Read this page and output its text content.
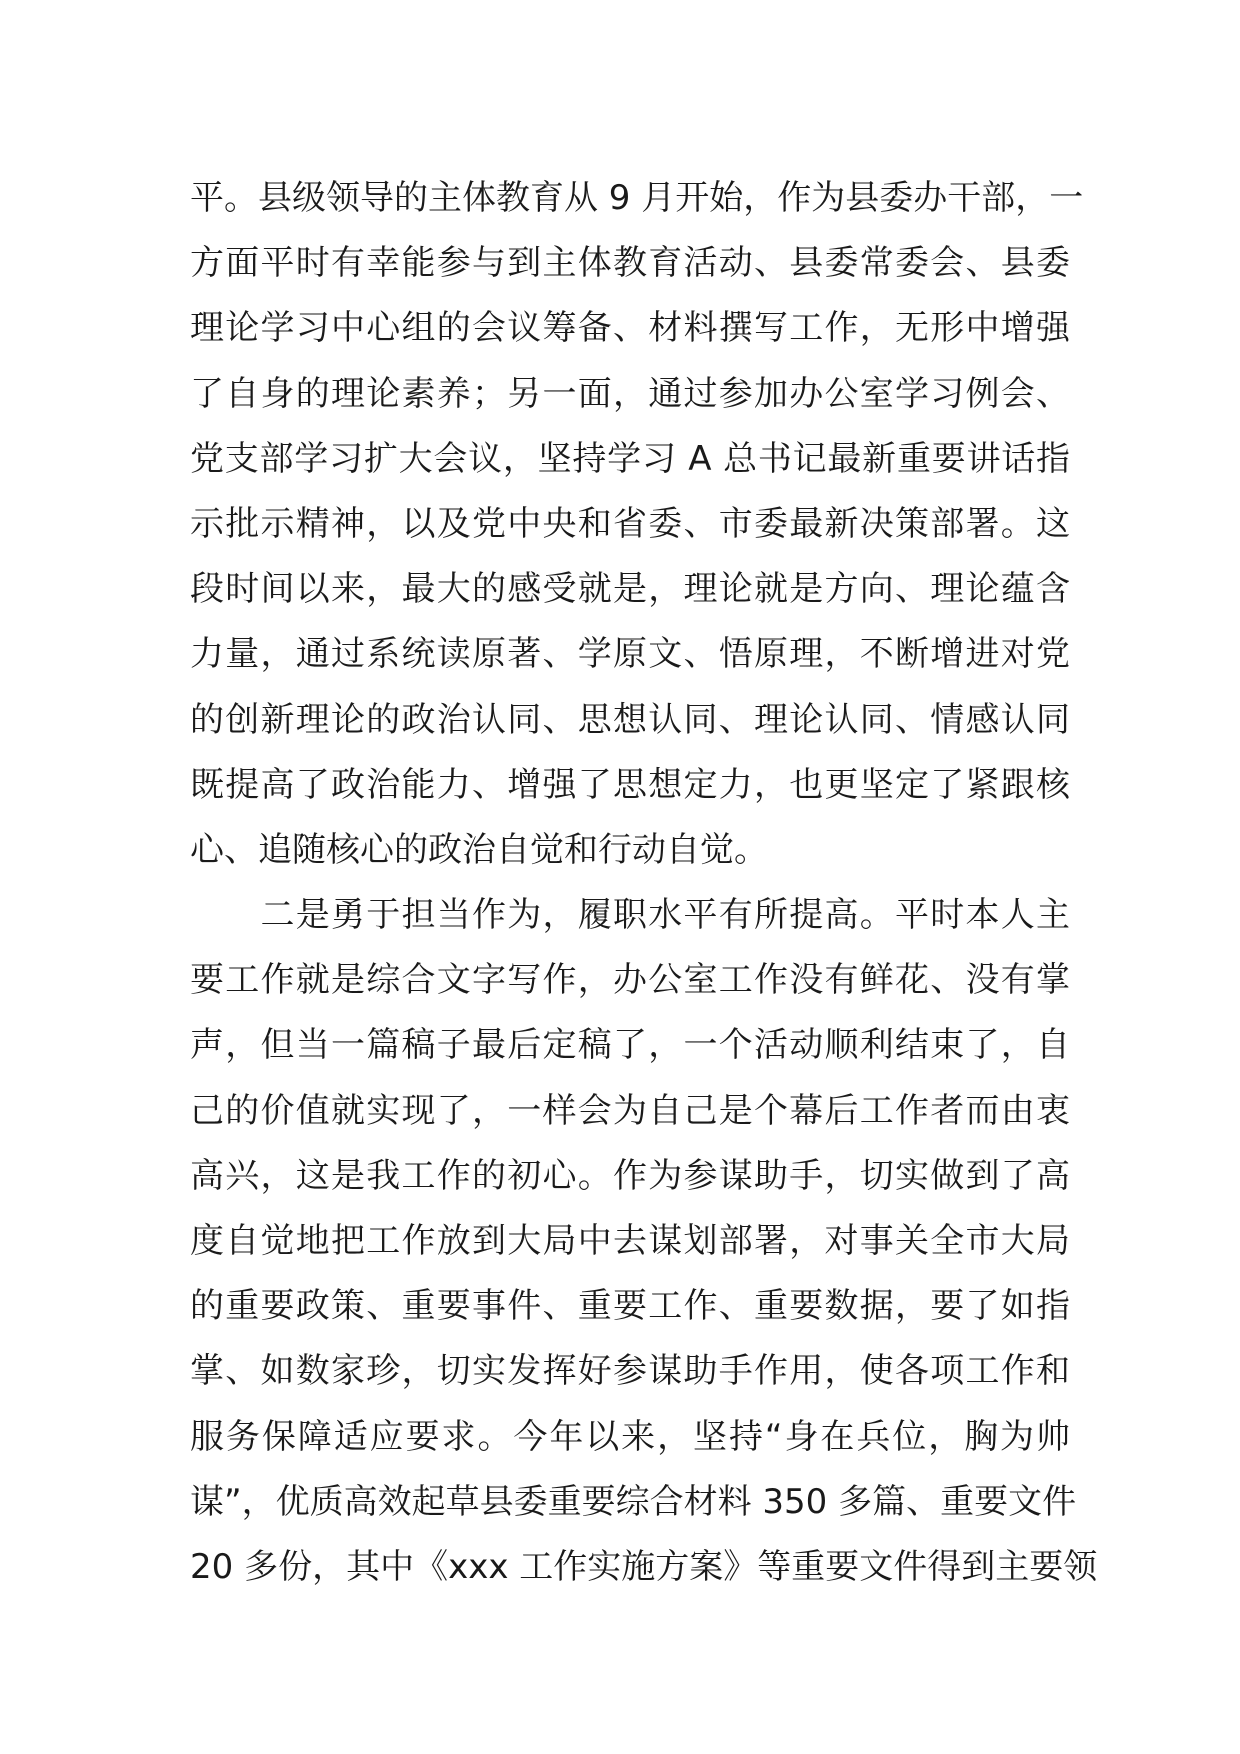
平。县级领导的主体教育从 9 月开始，作为县委办干部，一
方面平时有幸能参与到主体教育活动、县委常委会、县委
理论学习中心组的会议筹备、材料撰写工作，无形中增强
了自身的理论素养；另一面，通过参加办公室学习例会、
党支部学习扩大会议，坚持学习 A 总书记最新重要讲话指
示批示精神，以及党中央和省委、市委最新决策部署。这
段时间以来，最大的感受就是，理论就是方向、理论蕴含
力量，通过系统读原著、学原文、悟原理，不断增进对党
的创新理论的政治认同、思想认同、理论认同、情感认同
既提高了政治能力、增强了思想定力，也更坚定了紧跟核
心、追随核心的政治自觉和行动自觉。
　　二是勇于担当作为，履职水平有所提高。平时本人主
要工作就是综合文字写作，办公室工作没有鲜花、没有掌
声，但当一篇稿子最后定稿了，一个活动顺利结束了，自
己的价值就实现了，一样会为自己是个幕后工作者而由衷
高兴，这是我工作的初心。作为参谋助手，切实做到了高
度自觉地把工作放到大局中去谋划部署，对事关全市大局
的重要政策、重要事件、重要工作、重要数据，要了如指
掌、如数家珍，切实发挥好参谋助手作用，使各项工作和
服务保障适应要求。今年以来，坚持“身在兵位，胸为帅
谋”，优质高效起草县委重要综合材料 350 多篇、重要文件
20 多份，其中《xxx 工作实施方案》等重要文件得到主要领
